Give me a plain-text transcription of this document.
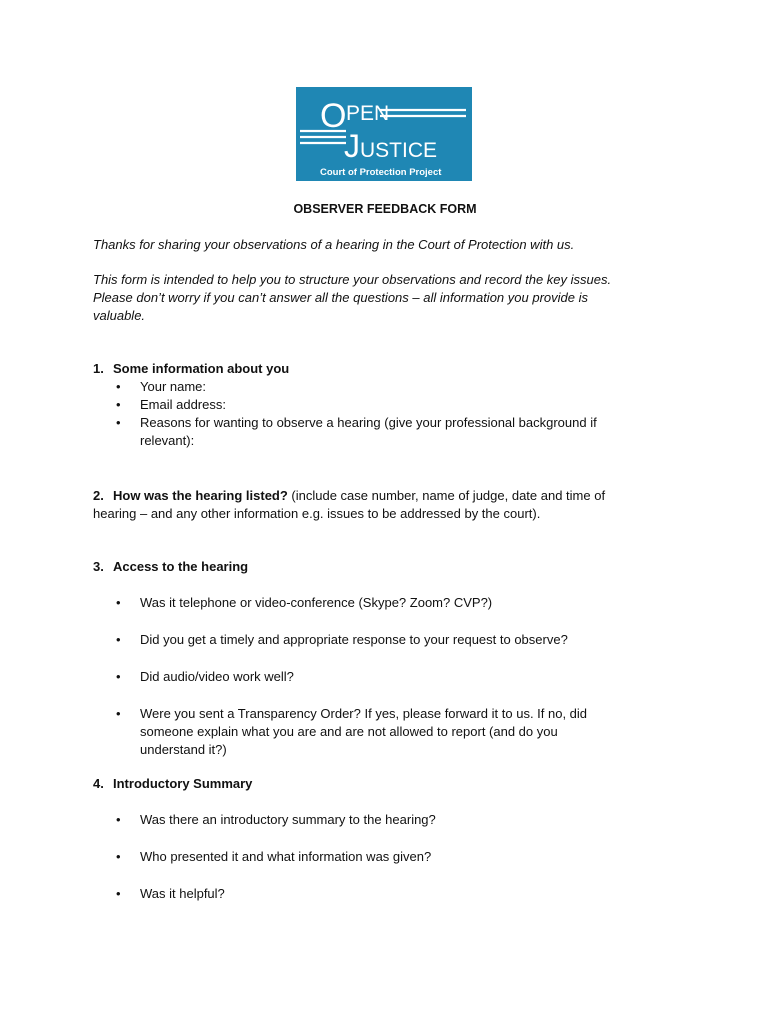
O PEN
J USTICE
Court of Protection Project
OBSERVER FEEDBACK FORM
Thanks for sharing your observations of a hearing in the Court of Protection with us.
This form is intended to help you to structure your observations and record the key issues.
Please don’t worry if you can’t answer all the questions – all information you provide is
valuable.
1. Some information about you
• Your name:
• Email address:
• Reasons for wanting to observe a hearing (give your professional background if
relevant):
2. How was the hearing listed? (include case number, name of judge, date and time of
hearing – and any other information e.g. issues to be addressed by the court).
3. Access to the hearing
• Was it telephone or video-conference (Skype? Zoom? CVP?)
• Did you get a timely and appropriate response to your request to observe?
• Did audio/video work well?
• Were you sent a Transparency Order? If yes, please forward it to us. If no, did
someone explain what you are and are not allowed to report (and do you
understand it?)
4. Introductory Summary
• Was there an introductory summary to the hearing?
• Who presented it and what information was given?
• Was it helpful?
